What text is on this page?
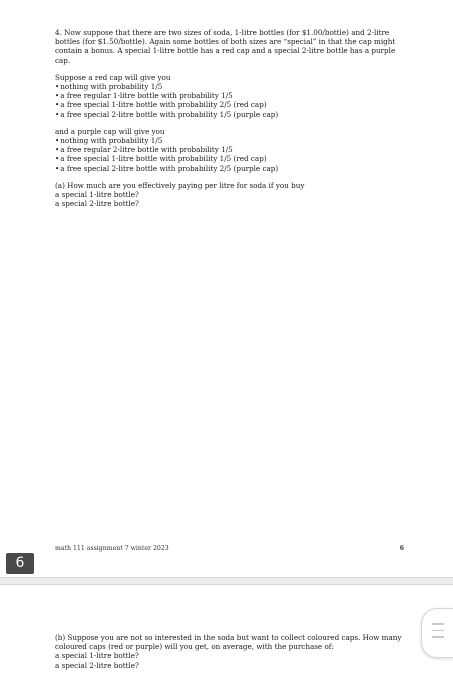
4. Now suppose that there are two sizes of soda, 1-litre bottles (for $1.00/bottle) and 2-litre bottles (for $1.50/bottle). Again some bottles of both sizes are “special” in that the cap might contain a bonus. A special 1-litre bottle has a red cap and a special 2-litre bottle has a purple cap.

Suppose a red cap will give you

• nothing with probability 1/5
• a free regular 1-litre bottle with probability 1/5
• a free special 1-litre bottle with probability 2/5 (red cap)
• a free special 2-litre bottle with probability 1/5 (purple cap)

and a purple cap will give you

• nothing with probability 1/5
• a free regular 2-litre bottle with probability 1/5
• a free special 1-litre bottle with probability 1/5 (red cap)
• a free special 2-litre bottle with probability 2/5 (purple cap)

(a) How much are you effectively paying per litre for soda if you buy

a special 1-litre bottle?

a special 2-litre bottle?

math 111 assignment 7 winter 2023	6
6

(b) Suppose you are not so interested in the soda but want to collect coloured caps. How many coloured caps (red or purple) will you get, on average, with the purchase of:

a special 1-litre bottle?

a special 2-litre bottle?
